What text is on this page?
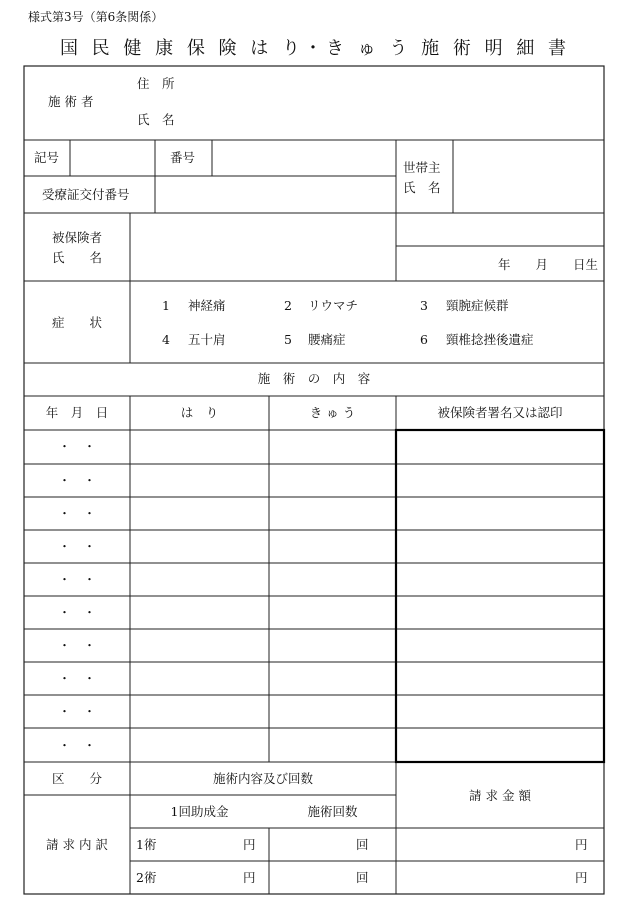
様式第3号（第6条関係）
国 民 健 康 保 険 は り・き ゅ う 施 術 明 細 書
施 術 者
住　所
氏　名
記号	番号
世帯主
氏　名
受療証交付番号
被保険者
氏　　名	年　　月　　日生
症　　状
1 神経痛	2 リウマチ	3 頸腕症候群
4 五十肩	5 腰痛症	6 頸椎捻挫後遺症
施　術　の　内　容
年　月　日	は　り	き ゅ う	被保険者署名又は認印
・　・
・　・
・　・
・　・
・　・
・　・
・　・
・　・
・　・
・　・
区　　分	施術内容及び回数
請 求 金 額
1回助成金	施術回数
請 求 内 訳	1術	円	回	円
2術	円	回	円
